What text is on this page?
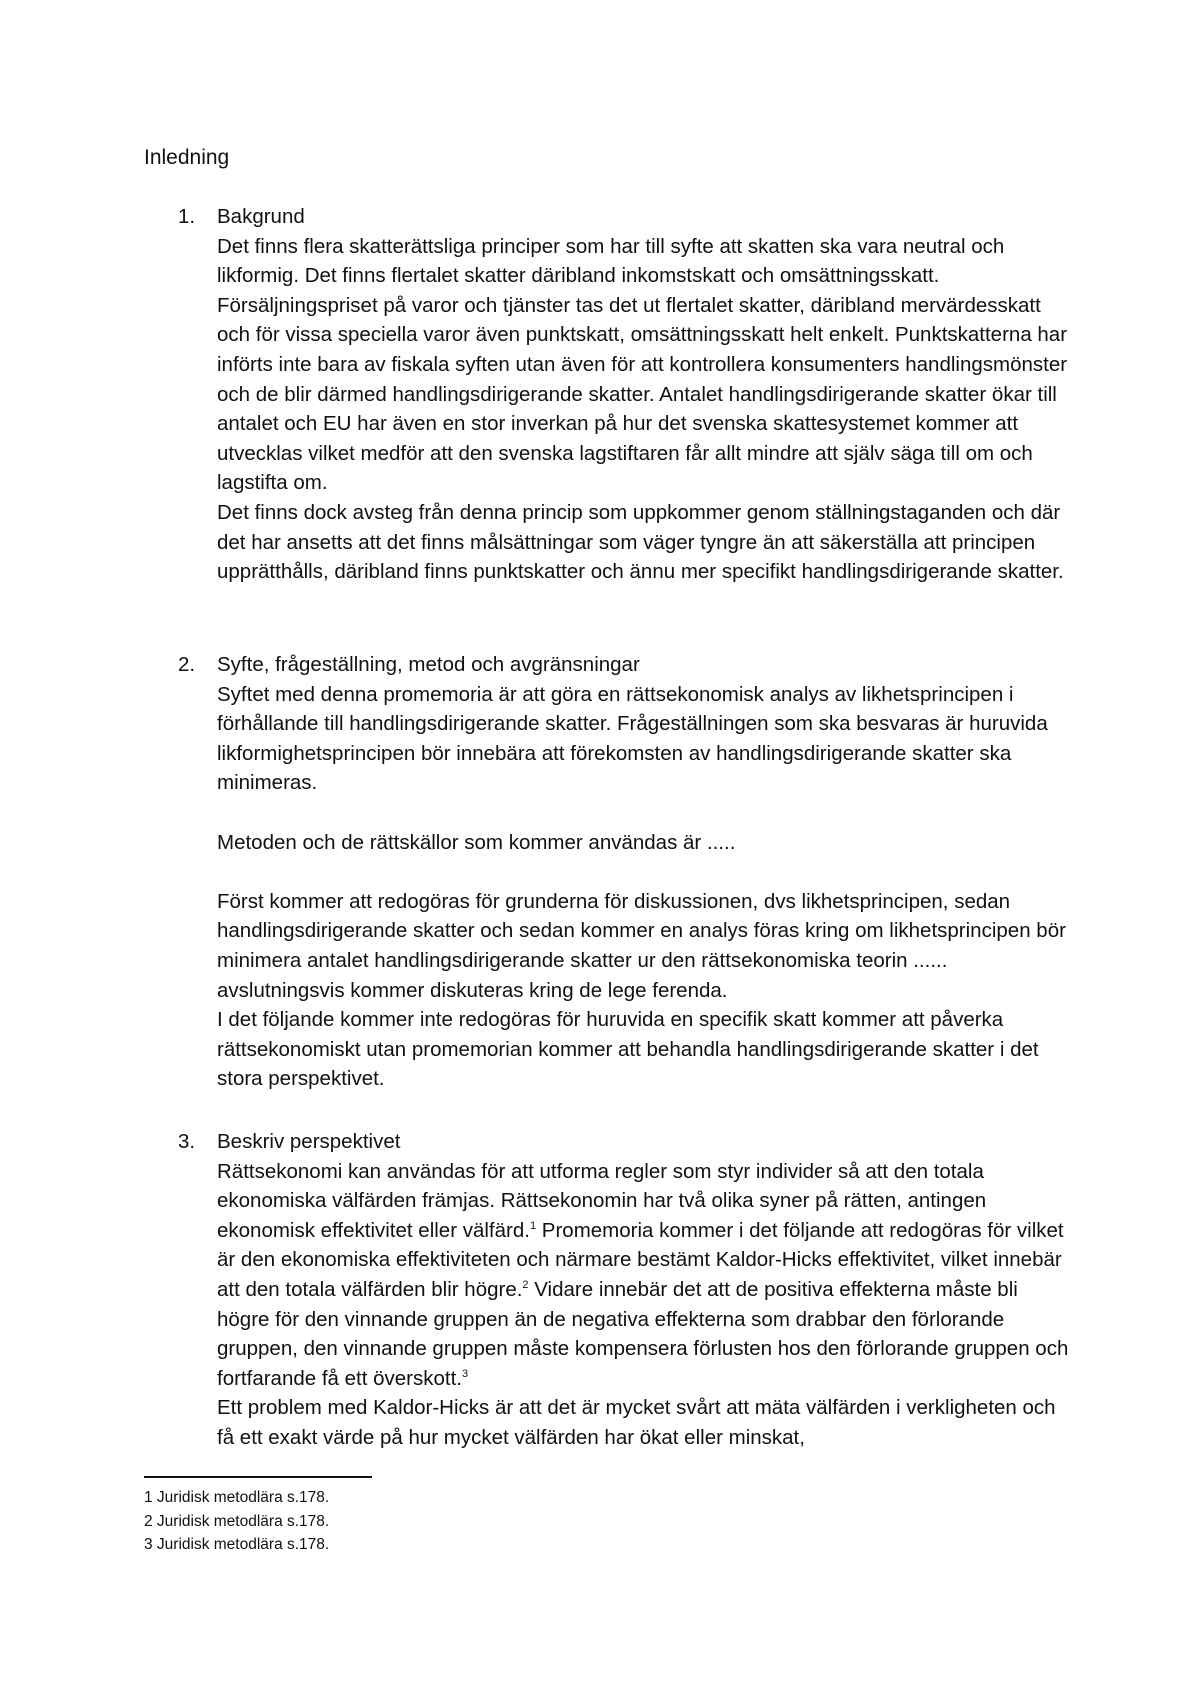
Inledning
1. Bakgrund

Det finns flera skatterättsliga principer som har till syfte att skatten ska vara neutral och likformig. Det finns flertalet skatter däribland inkomstskatt och omsättningsskatt. Försäljningspriset på varor och tjänster tas det ut flertalet skatter, däribland mervärdesskatt och för vissa speciella varor även punktskatt, omsättningsskatt helt enkelt. Punktskatterna har införts inte bara av fiskala syften utan även för att kontrollera konsumenters handlingsmönster och de blir därmed handlingsdirigerande skatter. Antalet handlingsdirigerande skatter ökar till antalet och EU har även en stor inverkan på hur det svenska skattesystemet kommer att utvecklas vilket medför att den svenska lagstiftaren får allt mindre att själv säga till om och lagstifta om.

Det finns dock avsteg från denna princip som uppkommer genom ställningstaganden och där det har ansetts att det finns målsättningar som väger tyngre än att säkerställa att principen upprätthålls, däribland finns punktskatter och ännu mer specifikt handlingsdirigerande skatter.

2. Syfte, frågeställning, metod och avgränsningar

Syftet med denna promemoria är att göra en rättsekonomisk analys av likhetsprincipen i förhållande till handlingsdirigerande skatter. Frågeställningen som ska besvaras är huruvida likformighetsprincipen bör innebära att förekomsten av handlingsdirigerande skatter ska minimeras.

Metoden och de rättskällor som kommer användas är .....

Först kommer att redogöras för grunderna för diskussionen, dvs likhetsprincipen, sedan handlingsdirigerande skatter och sedan kommer en analys föras kring om likhetsprincipen bör minimera antalet handlingsdirigerande skatter ur den rättsekonomiska teorin ...... avslutningsvis kommer diskuteras kring de lege ferenda.

I det följande kommer inte redogöras för huruvida en specifik skatt kommer att påverka rättsekonomiskt utan promemorian kommer att behandla handlingsdirigerande skatter i det stora perspektivet.

3. Beskriv perspektivet

Rättsekonomi kan användas för att utforma regler som styr individer så att den totala ekonomiska välfärden främjas. Rättsekonomin har två olika syner på rätten, antingen ekonomisk effektivitet eller välfärd.$^1$ Promemoria kommer i det följande att redogöras för vilket är den ekonomiska effektiviteten och närmare bestämt Kaldor-Hicks effektivitet, vilket innebär att den totala välfärden blir högre.$^2$ Vidare innebär det att de positiva effekterna måste bli högre för den vinnande gruppen än de negativa effekterna som drabbar den förlorande gruppen, den vinnande gruppen måste kompensera förlusten hos den förlorande gruppen och fortfarande få ett överskott.$^3$

Ett problem med Kaldor-Hicks är att det är mycket svårt att mäta välfärden i verkligheten och få ett exakt värde på hur mycket välfärden har ökat eller minskat,

1 Juridisk metodlära s.178.
2 Juridisk metodlära s.178.
3 Juridisk metodlära s.178.
